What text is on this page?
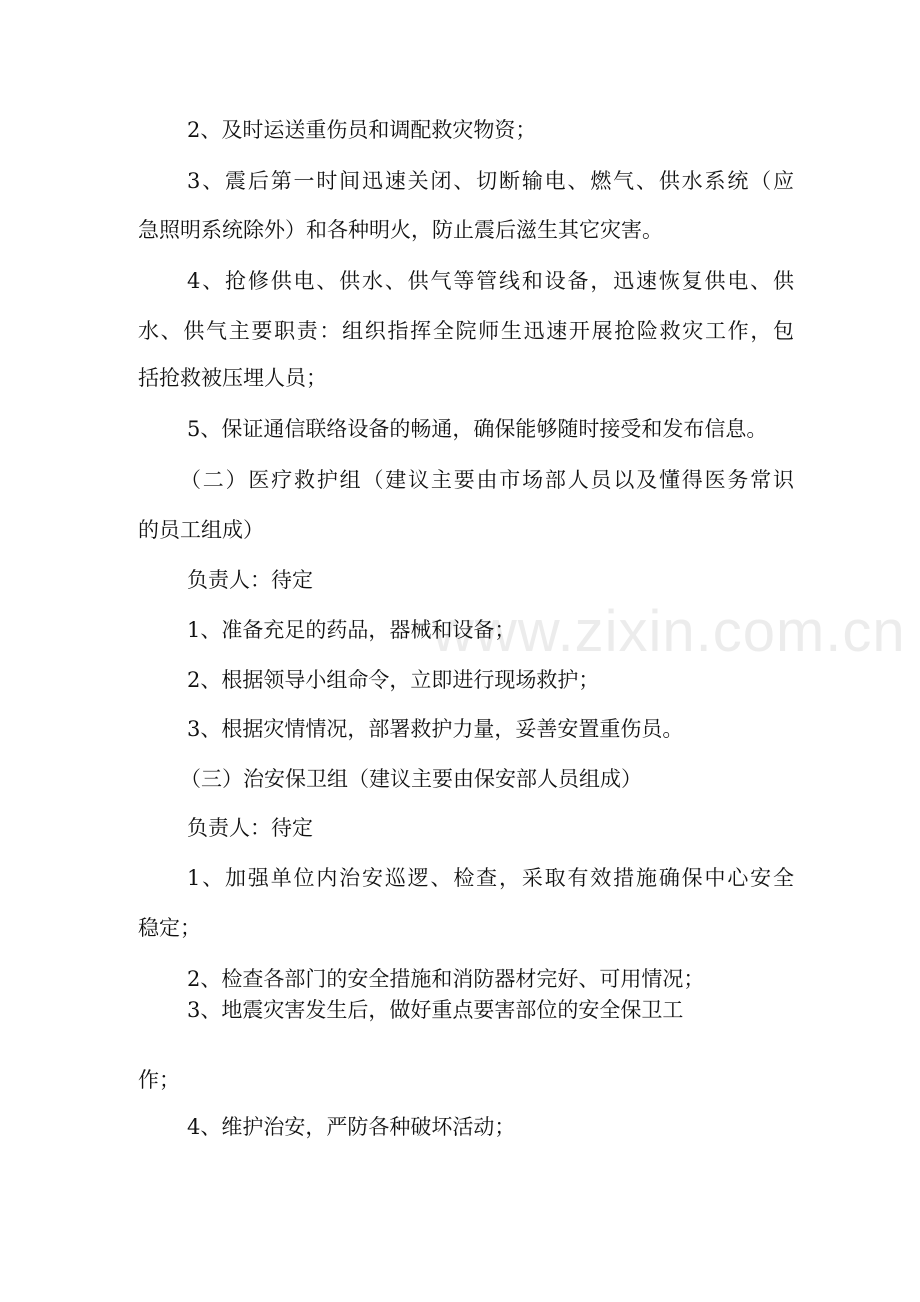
www.zixin.com.cn

2、及时运送重伤员和调配救灾物资；

3、震后第一时间迅速关闭、切断输电、燃气、供水系统（应

急照明系统除外）和各种明火，防止震后滋生其它灾害。

4、抢修供电、供水、供气等管线和设备，迅速恢复供电、供

水、供气主要职责：组织指挥全院师生迅速开展抢险救灾工作，包

括抢救被压埋人员；

5、保证通信联络设备的畅通，确保能够随时接受和发布信息。

（二）医疗救护组（建议主要由市场部人员以及懂得医务常识

的员工组成）

负责人：待定

1、准备充足的药品，器械和设备；

2、根据领导小组命令，立即进行现场救护；

3、根据灾情情况，部署救护力量，妥善安置重伤员。

（三）治安保卫组（建议主要由保安部人员组成）

负责人：待定

1、加强单位内治安巡逻、检查，采取有效措施确保中心安全

稳定；

2、检查各部门的安全措施和消防器材完好、可用情况；

3、地震灾害发生后，做好重点要害部位的安全保卫工

作；

4、维护治安，严防各种破坏活动；
